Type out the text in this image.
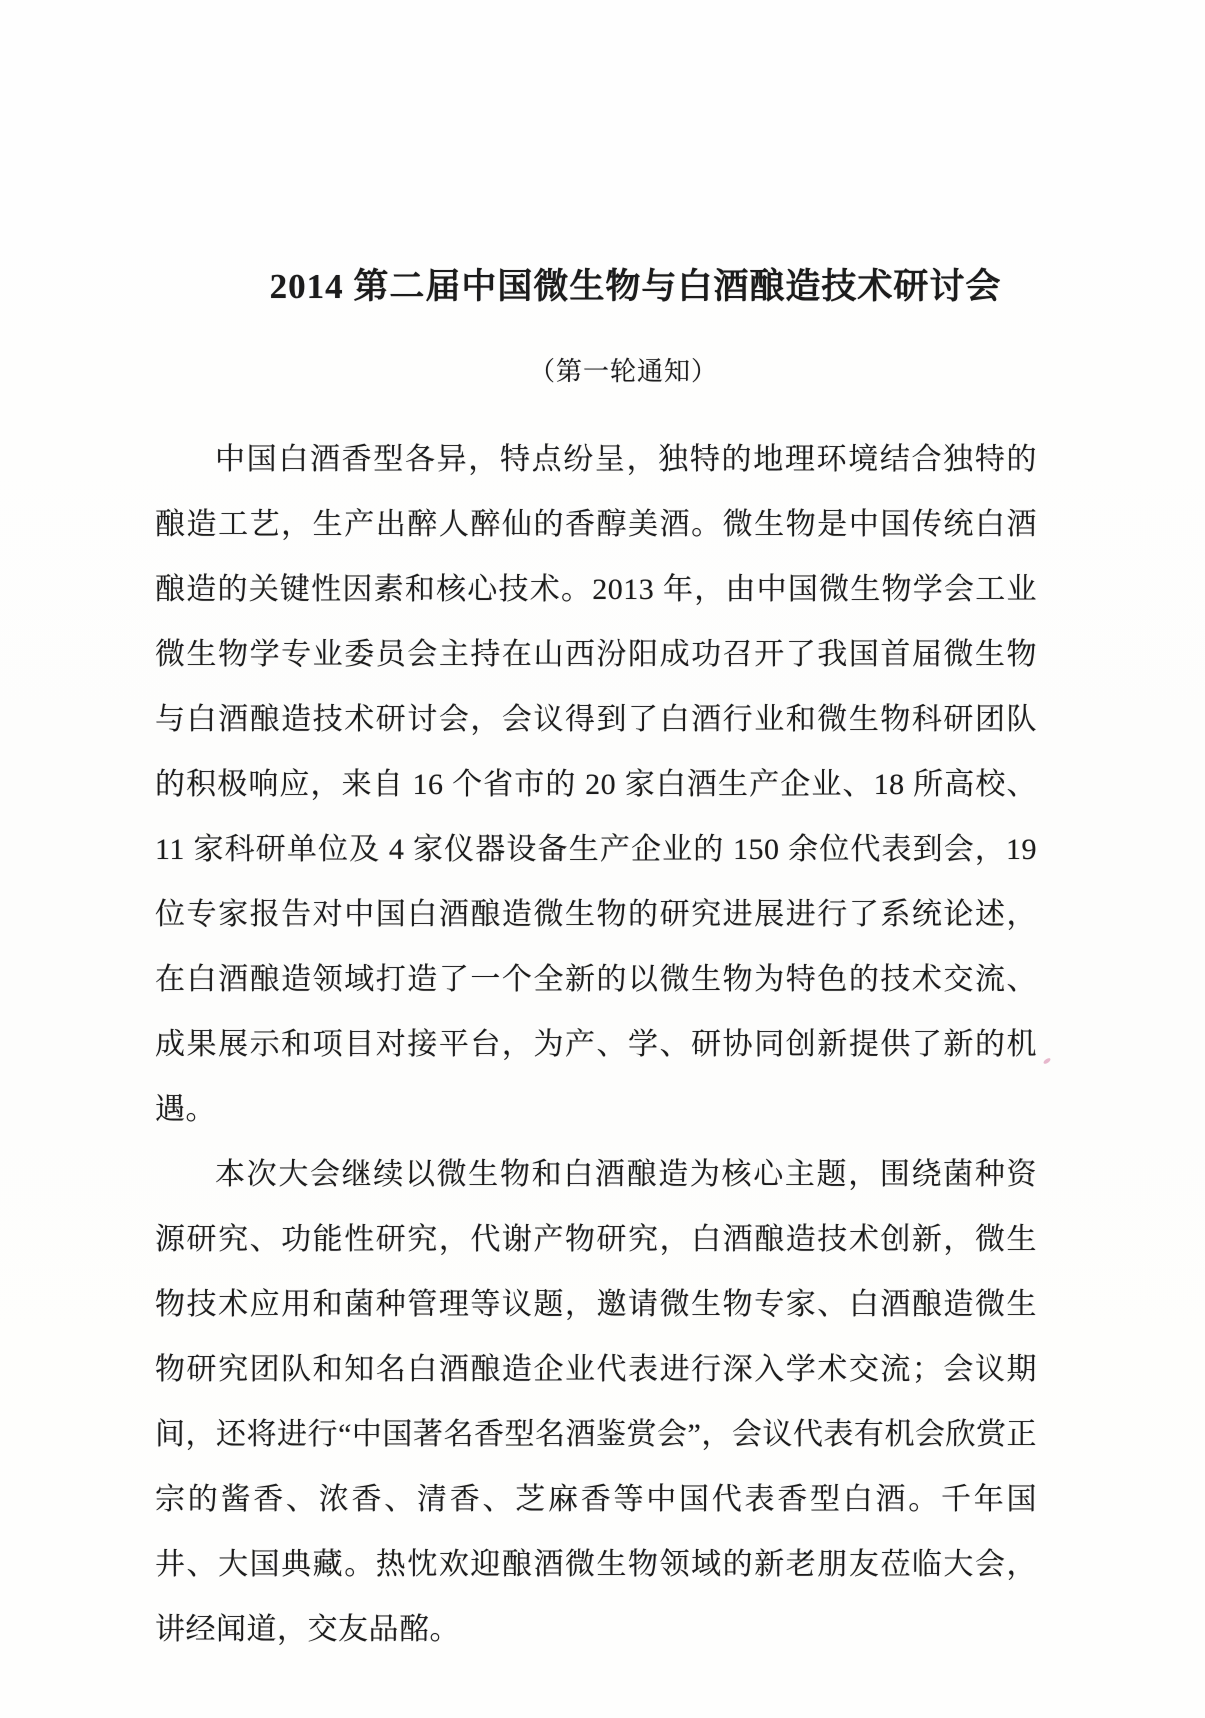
2014 第二届中国微生物与白酒酿造技术研讨会
（第一轮通知）

中国白酒香型各异，特点纷呈，独特的地理环境结合独特的酿造工艺，生产出醉人醉仙的香醇美酒。微生物是中国传统白酒酿造的关键性因素和核心技术。2013 年，由中国微生物学会工业微生物学专业委员会主持在山西汾阳成功召开了我国首届微生物与白酒酿造技术研讨会，会议得到了白酒行业和微生物科研团队的积极响应，来自 16 个省市的 20 家白酒生产企业、18 所高校、11 家科研单位及 4 家仪器设备生产企业的 150 余位代表到会，19 位专家报告对中国白酒酿造微生物的研究进展进行了系统论述，在白酒酿造领域打造了一个全新的以微生物为特色的技术交流、成果展示和项目对接平台，为产、学、研协同创新提供了新的机遇。

本次大会继续以微生物和白酒酿造为核心主题，围绕菌种资源研究、功能性研究，代谢产物研究，白酒酿造技术创新，微生物技术应用和菌种管理等议题，邀请微生物专家、白酒酿造微生物研究团队和知名白酒酿造企业代表进行深入学术交流；会议期间，还将进行“中国著名香型名酒鉴赏会”，会议代表有机会欣赏正宗的酱香、浓香、清香、芝麻香等中国代表香型白酒。千年国井、大国典藏。热忱欢迎酿酒微生物领域的新老朋友莅临大会，讲经闻道，交友品酩。
